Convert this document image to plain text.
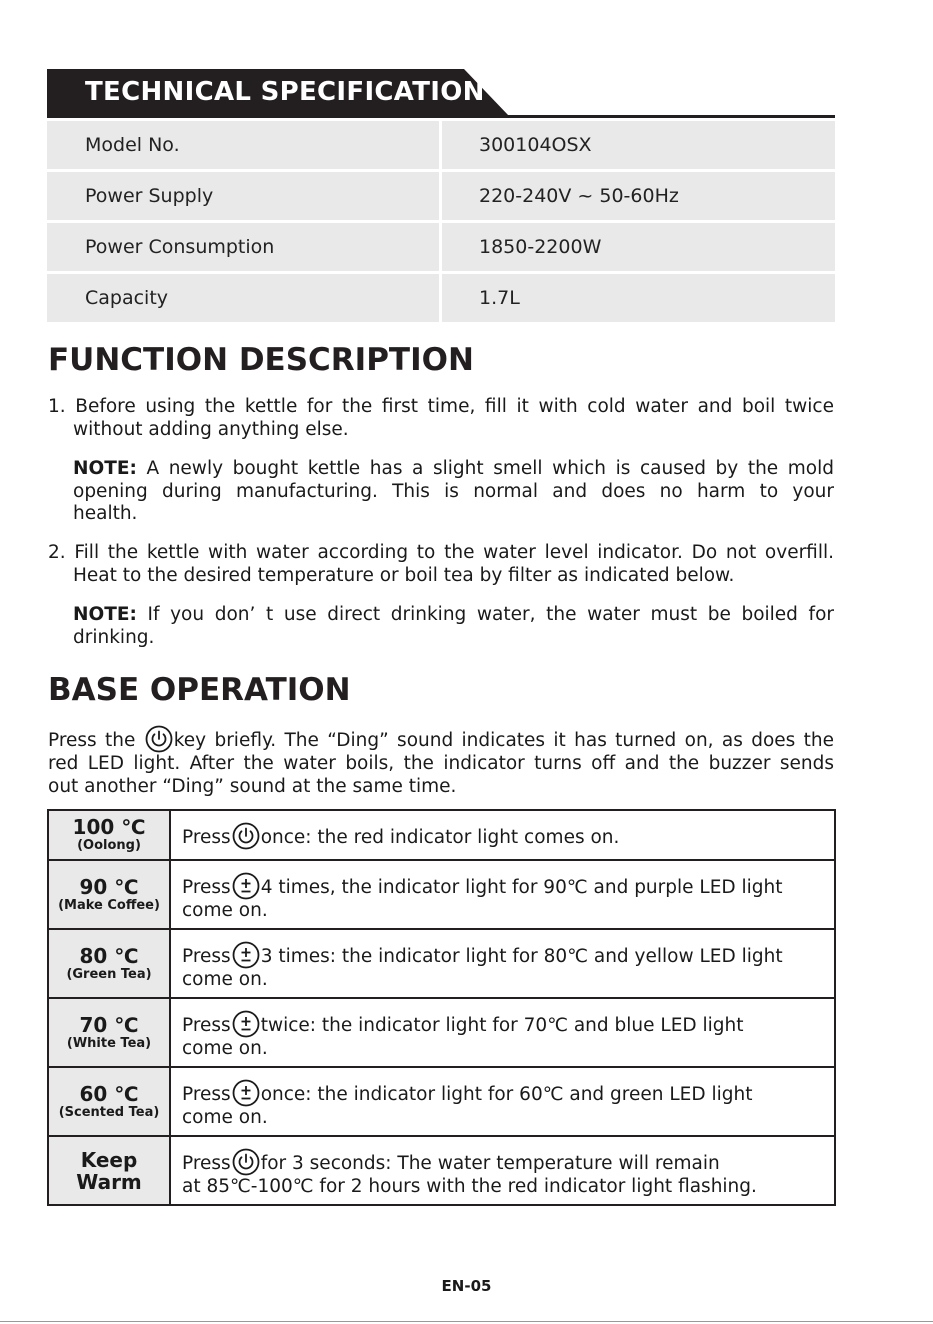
TECHNICAL SPECIFICATION
Model No.	300104OSX
Power Supply	220-240V ~ 50-60Hz
Power Consumption	1850-2200W
Capacity	1.7L
FUNCTION DESCRIPTION
1. Before using the kettle for the first time, fill it with cold water and boil twice
without adding anything else.
NOTE: A newly bought kettle has a slight smell which is caused by the mold
opening during manufacturing. This is normal and does no harm to your
health.
2. Fill the kettle with water according to the water level indicator. Do not overfill.
Heat to the desired temperature or boil tea by filter as indicated below.
NOTE: If you don’ t use direct drinking water, the water must be boiled for
drinking.
BASE OPERATION
Press the key briefly. The “Ding” sound indicates it has turned on, as does the
red LED light. After the water boils, the indicator turns off and the buzzer sends
out another “Ding” sound at the same time.
100 ℃
(Oolong)	Press once: the red indicator light comes on.

90 ℃
(Make Coffee)	Press 4 times, the indicator light for 90℃ and purple LED light
come on.

80 ℃
(Green Tea)	Press 3 times: the indicator light for 80℃ and yellow LED light
come on.

70 ℃
(White Tea)	Press twice: the indicator light for 70℃ and blue LED light
come on.

60 ℃
(Scented Tea)	Press once: the indicator light for 60℃ and green LED light
come on.

Keep
Warm	Press for 3 seconds: The water temperature will remain
at 85℃-100℃ for 2 hours with the red indicator light flashing.
EN-05
